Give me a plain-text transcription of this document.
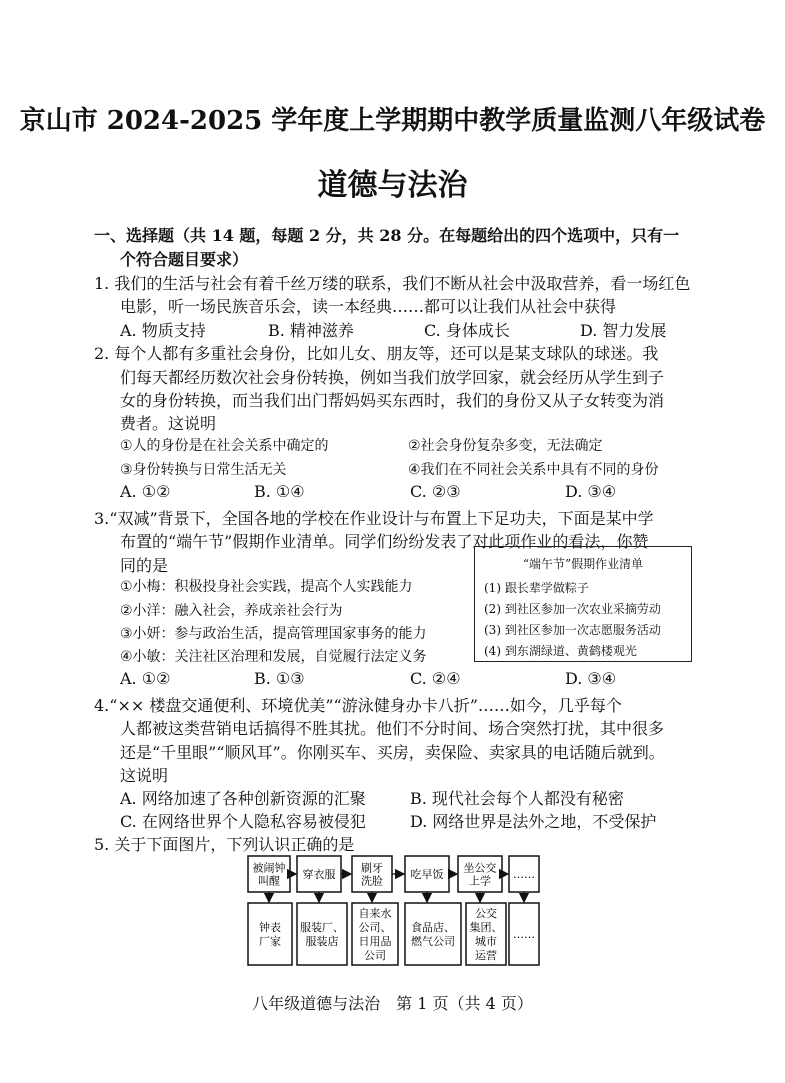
京山市 2024-2025 学年度上学期期中教学质量监测八年级试卷
道德与法治
一、选择题（共 14 题，每题 2 分，共 28 分。在每题给出的四个选项中，只有一
个符合题目要求）
1. 我们的生活与社会有着千丝万缕的联系，我们不断从社会中汲取营养，看一场红色
电影，听一场民族音乐会，读一本经典……都可以让我们从社会中获得
A. 物质支持	B. 精神滋养	C. 身体成长	D. 智力发展
2. 每个人都有多重社会身份，比如儿女、朋友等，还可以是某支球队的球迷。我
们每天都经历数次社会身份转换，例如当我们放学回家，就会经历从学生到子
女的身份转换，而当我们出门帮妈妈买东西时，我们的身份又从子女转变为消
费者。这说明
①人的身份是在社会关系中确定的	②社会身份复杂多变，无法确定
③身份转换与日常生活无关	④我们在不同社会关系中具有不同的身份
A. ①②	B. ①④	C. ②③	D. ③④
3.“双减”背景下，全国各地的学校在作业设计与布置上下足功夫，下面是某中学
布置的“端午节”假期作业清单。同学们纷纷发表了对此项作业的看法，你赞
同的是
①小梅：积极投身社会实践，提高个人实践能力
②小洋：融入社会，养成亲社会行为
③小妍：参与政治生活，提高管理国家事务的能力
④小敏：关注社区治理和发展，自觉履行法定义务
A. ①②	B. ①③	C. ②④	D. ③④
“端午节”假期作业清单
(1) 跟长辈学做粽子
(2) 到社区参加一次农业采摘劳动
(3) 到社区参加一次志愿服务活动
(4) 到东湖绿道、黄鹤楼观光
4.“×× 楼盘交通便利、环境优美”“游泳健身办卡八折”……如今，几乎每个
人都被这类营销电话搞得不胜其扰。他们不分时间、场合突然打扰，其中很多
还是“千里眼”“顺风耳”。你刚买车、买房，卖保险、卖家具的电话随后就到。
这说明
A. 网络加速了各种创新资源的汇聚	B. 现代社会每个人都没有秘密
C. 在网络世界个人隐私容易被侵犯	D. 网络世界是法外之地，不受保护
5. 关于下面图片，下列认识正确的是
被闹钟
叫醒 穿衣服 刷牙
洗脸	吃早饭 坐公交
上学 ……
钟表
厂家
服装厂、
服装店
自来水
公司、
日用品
公司
食品店、
燃气公司
公交
集团、
城市
运营
……
八年级道德与法治　第 1 页（共 4 页）
